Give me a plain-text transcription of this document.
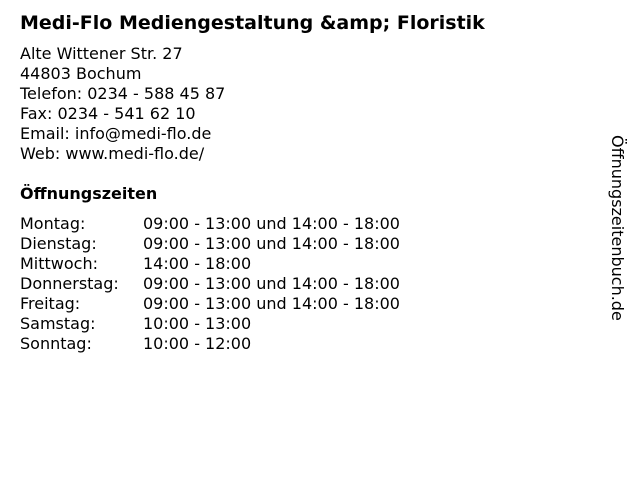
Medi-Flo Mediengestaltung &amp; Floristik
Alte Wittener Str. 27
44803 Bochum
Telefon: 0234 - 588 45 87
Fax: 0234 - 541 62 10
Email: info@medi-flo.de
Web: www.medi-flo.de/
Öffnungszeiten
Montag:	09:00 - 13:00 und 14:00 - 18:00
Dienstag:	09:00 - 13:00 und 14:00 - 18:00
Mittwoch:	14:00 - 18:00
Donnerstag: 09:00 - 13:00 und 14:00 - 18:00
Freitag:	09:00 - 13:00 und 14:00 - 18:00
Samstag:	10:00 - 13:00
Sonntag:	10:00 - 12:00
Öffnungszeitenbuch.de
